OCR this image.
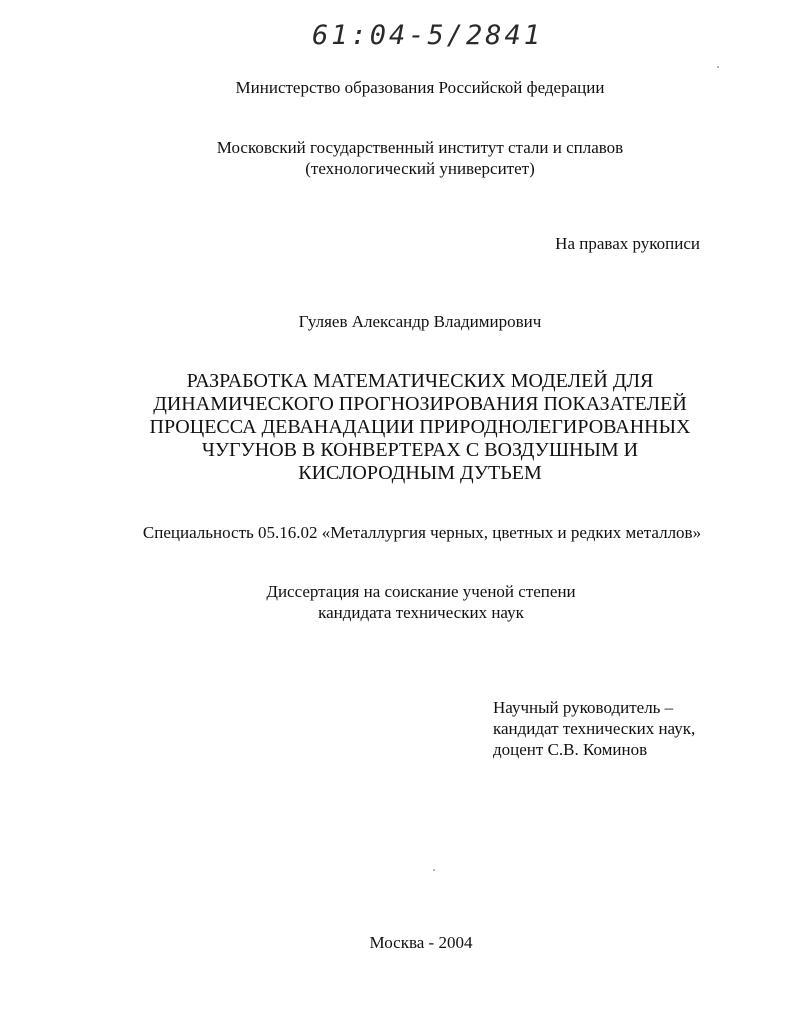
61:04-5/2841
Министерство образования Российской федерации
Московский государственный институт стали и сплавов
(технологический университет)
На правах рукописи
Гуляев Александр Владимирович
РАЗРАБОТКА МАТЕМАТИЧЕСКИХ МОДЕЛЕЙ ДЛЯ
ДИНАМИЧЕСКОГО ПРОГНОЗИРОВАНИЯ ПОКАЗАТЕЛЕЙ
ПРОЦЕССА ДЕВАНАДАЦИИ ПРИРОДНОЛЕГИРОВАННЫХ
ЧУГУНОВ В КОНВЕРТЕРАХ С ВОЗДУШНЫМ И
КИСЛОРОДНЫМ ДУТЬЕМ
Специальность 05.16.02 «Металлургия черных, цветных и редких металлов»
Диссертация на соискание ученой степени
кандидата технических наук
Научный руководитель –
кандидат технических наук,
доцент С.В. Коминов
Москва - 2004
